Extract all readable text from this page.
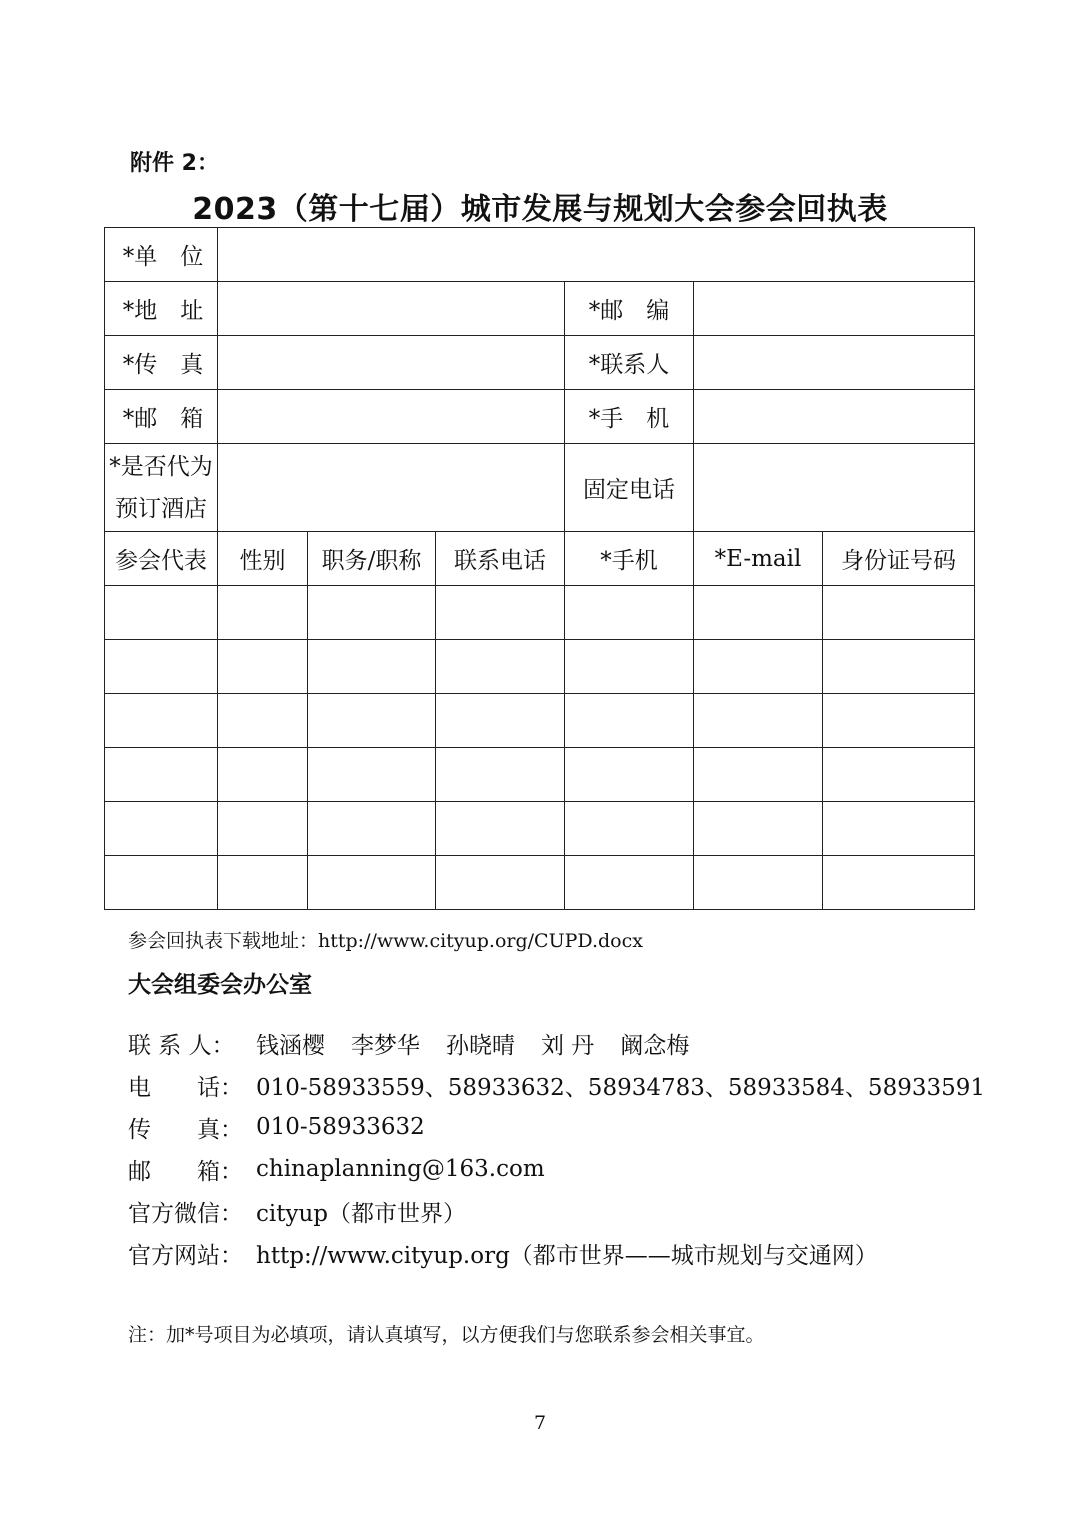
附件 2：
2023（第十七届）城市发展与规划大会参会回执表
*单　位						
*地　址				*邮　编		
*传　真				*联系人		
*邮　箱				*手　机		

*是否代为
预订酒店				固定电话		
参会代表	性别	职务/职称	联系电话	*手机	*E-mail	身份证号码

参会回执表下载地址：http://www.cityup.org/CUPD.docx
大会组委会办公室
联 系 人： 钱涵樱 李梦华 孙晓晴 刘 丹 阚念梅
电　　话： 010-58933559、58933632、58934783、58933584、58933591
传　　真： 010-58933632
邮　　箱： chinaplanning@163.com
官方微信： cityup（都市世界）
官方网站： http://www.cityup.org（都市世界——城市规划与交通网）
注：加*号项目为必填项，请认真填写，以方便我们与您联系参会相关事宜。
7
